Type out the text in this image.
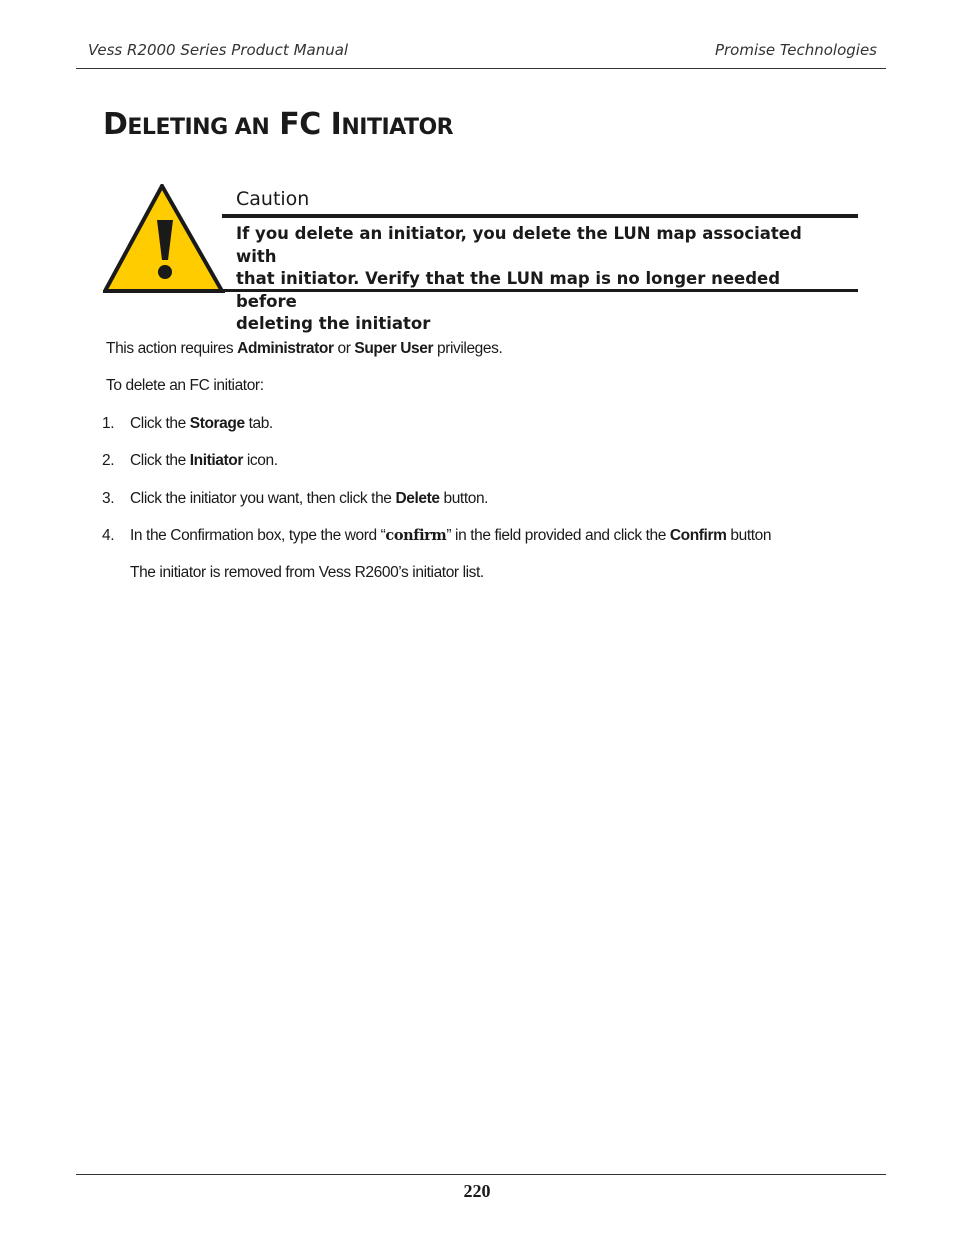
Vess R2000 Series Product Manual	Promise Technologies
DELETING AN FC INITIATOR
Caution
If you delete an initiator, you delete the LUN map associated with
that initiator. Verify that the LUN map is no longer needed before
deleting the initiator
This action requires Administrator or Super User privileges.
To delete an FC initiator:
1. Click the Storage tab.
2. Click the Initiator icon.
3. Click the initiator you want, then click the Delete button.
4. In the Confirmation box, type the word “confirm” in the field provided and click the Confirm button
The initiator is removed from Vess R2600’s initiator list.
220
